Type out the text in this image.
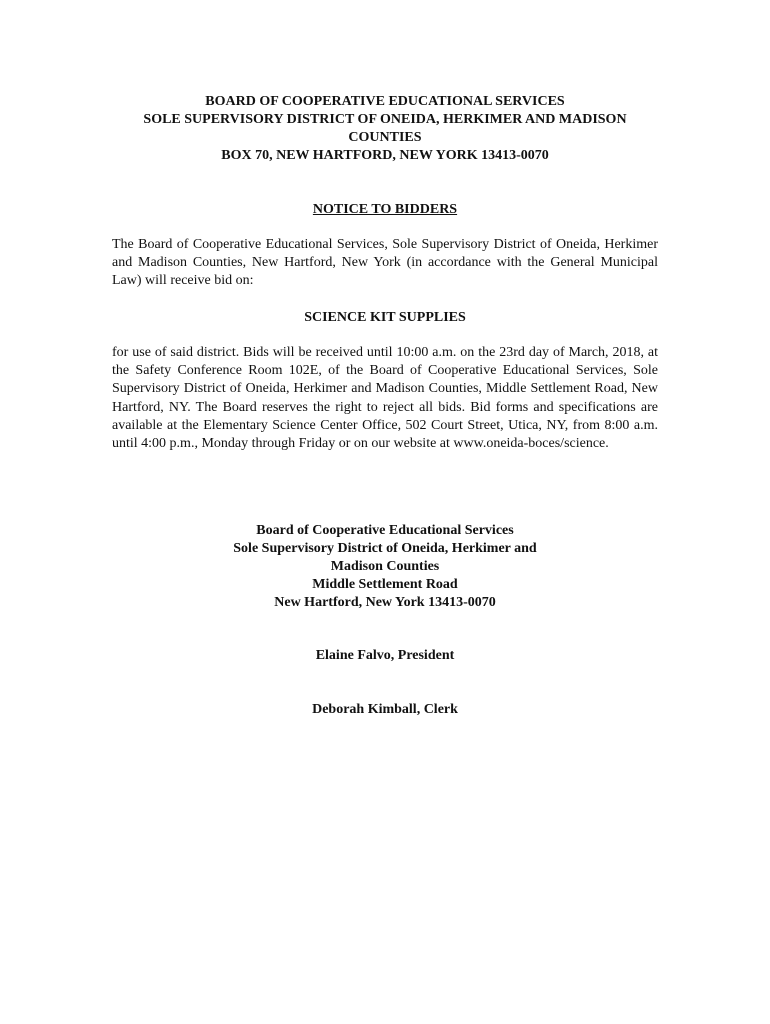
BOARD OF COOPERATIVE EDUCATIONAL SERVICES
SOLE SUPERVISORY DISTRICT OF ONEIDA, HERKIMER AND MADISON
COUNTIES
BOX 70, NEW HARTFORD, NEW YORK 13413-0070
NOTICE TO BIDDERS
The Board of Cooperative Educational Services, Sole Supervisory District of Oneida, Herkimer and Madison Counties, New Hartford, New York (in accordance with the General Municipal Law) will receive bid on:
SCIENCE KIT SUPPLIES
for use of said district. Bids will be received until 10:00 a.m. on the 23rd day of March, 2018, at the Safety Conference Room 102E, of the Board of Cooperative Educational Services, Sole Supervisory District of Oneida, Herkimer and Madison Counties, Middle Settlement Road, New Hartford, NY. The Board reserves the right to reject all bids. Bid forms and specifications are available at the Elementary Science Center Office, 502 Court Street, Utica, NY, from 8:00 a.m. until 4:00 p.m., Monday through Friday or on our website at www.oneida-boces/science.
Board of Cooperative Educational Services
Sole Supervisory District of Oneida, Herkimer and
Madison Counties
Middle Settlement Road
New Hartford, New York 13413-0070
Elaine Falvo, President
Deborah Kimball, Clerk
